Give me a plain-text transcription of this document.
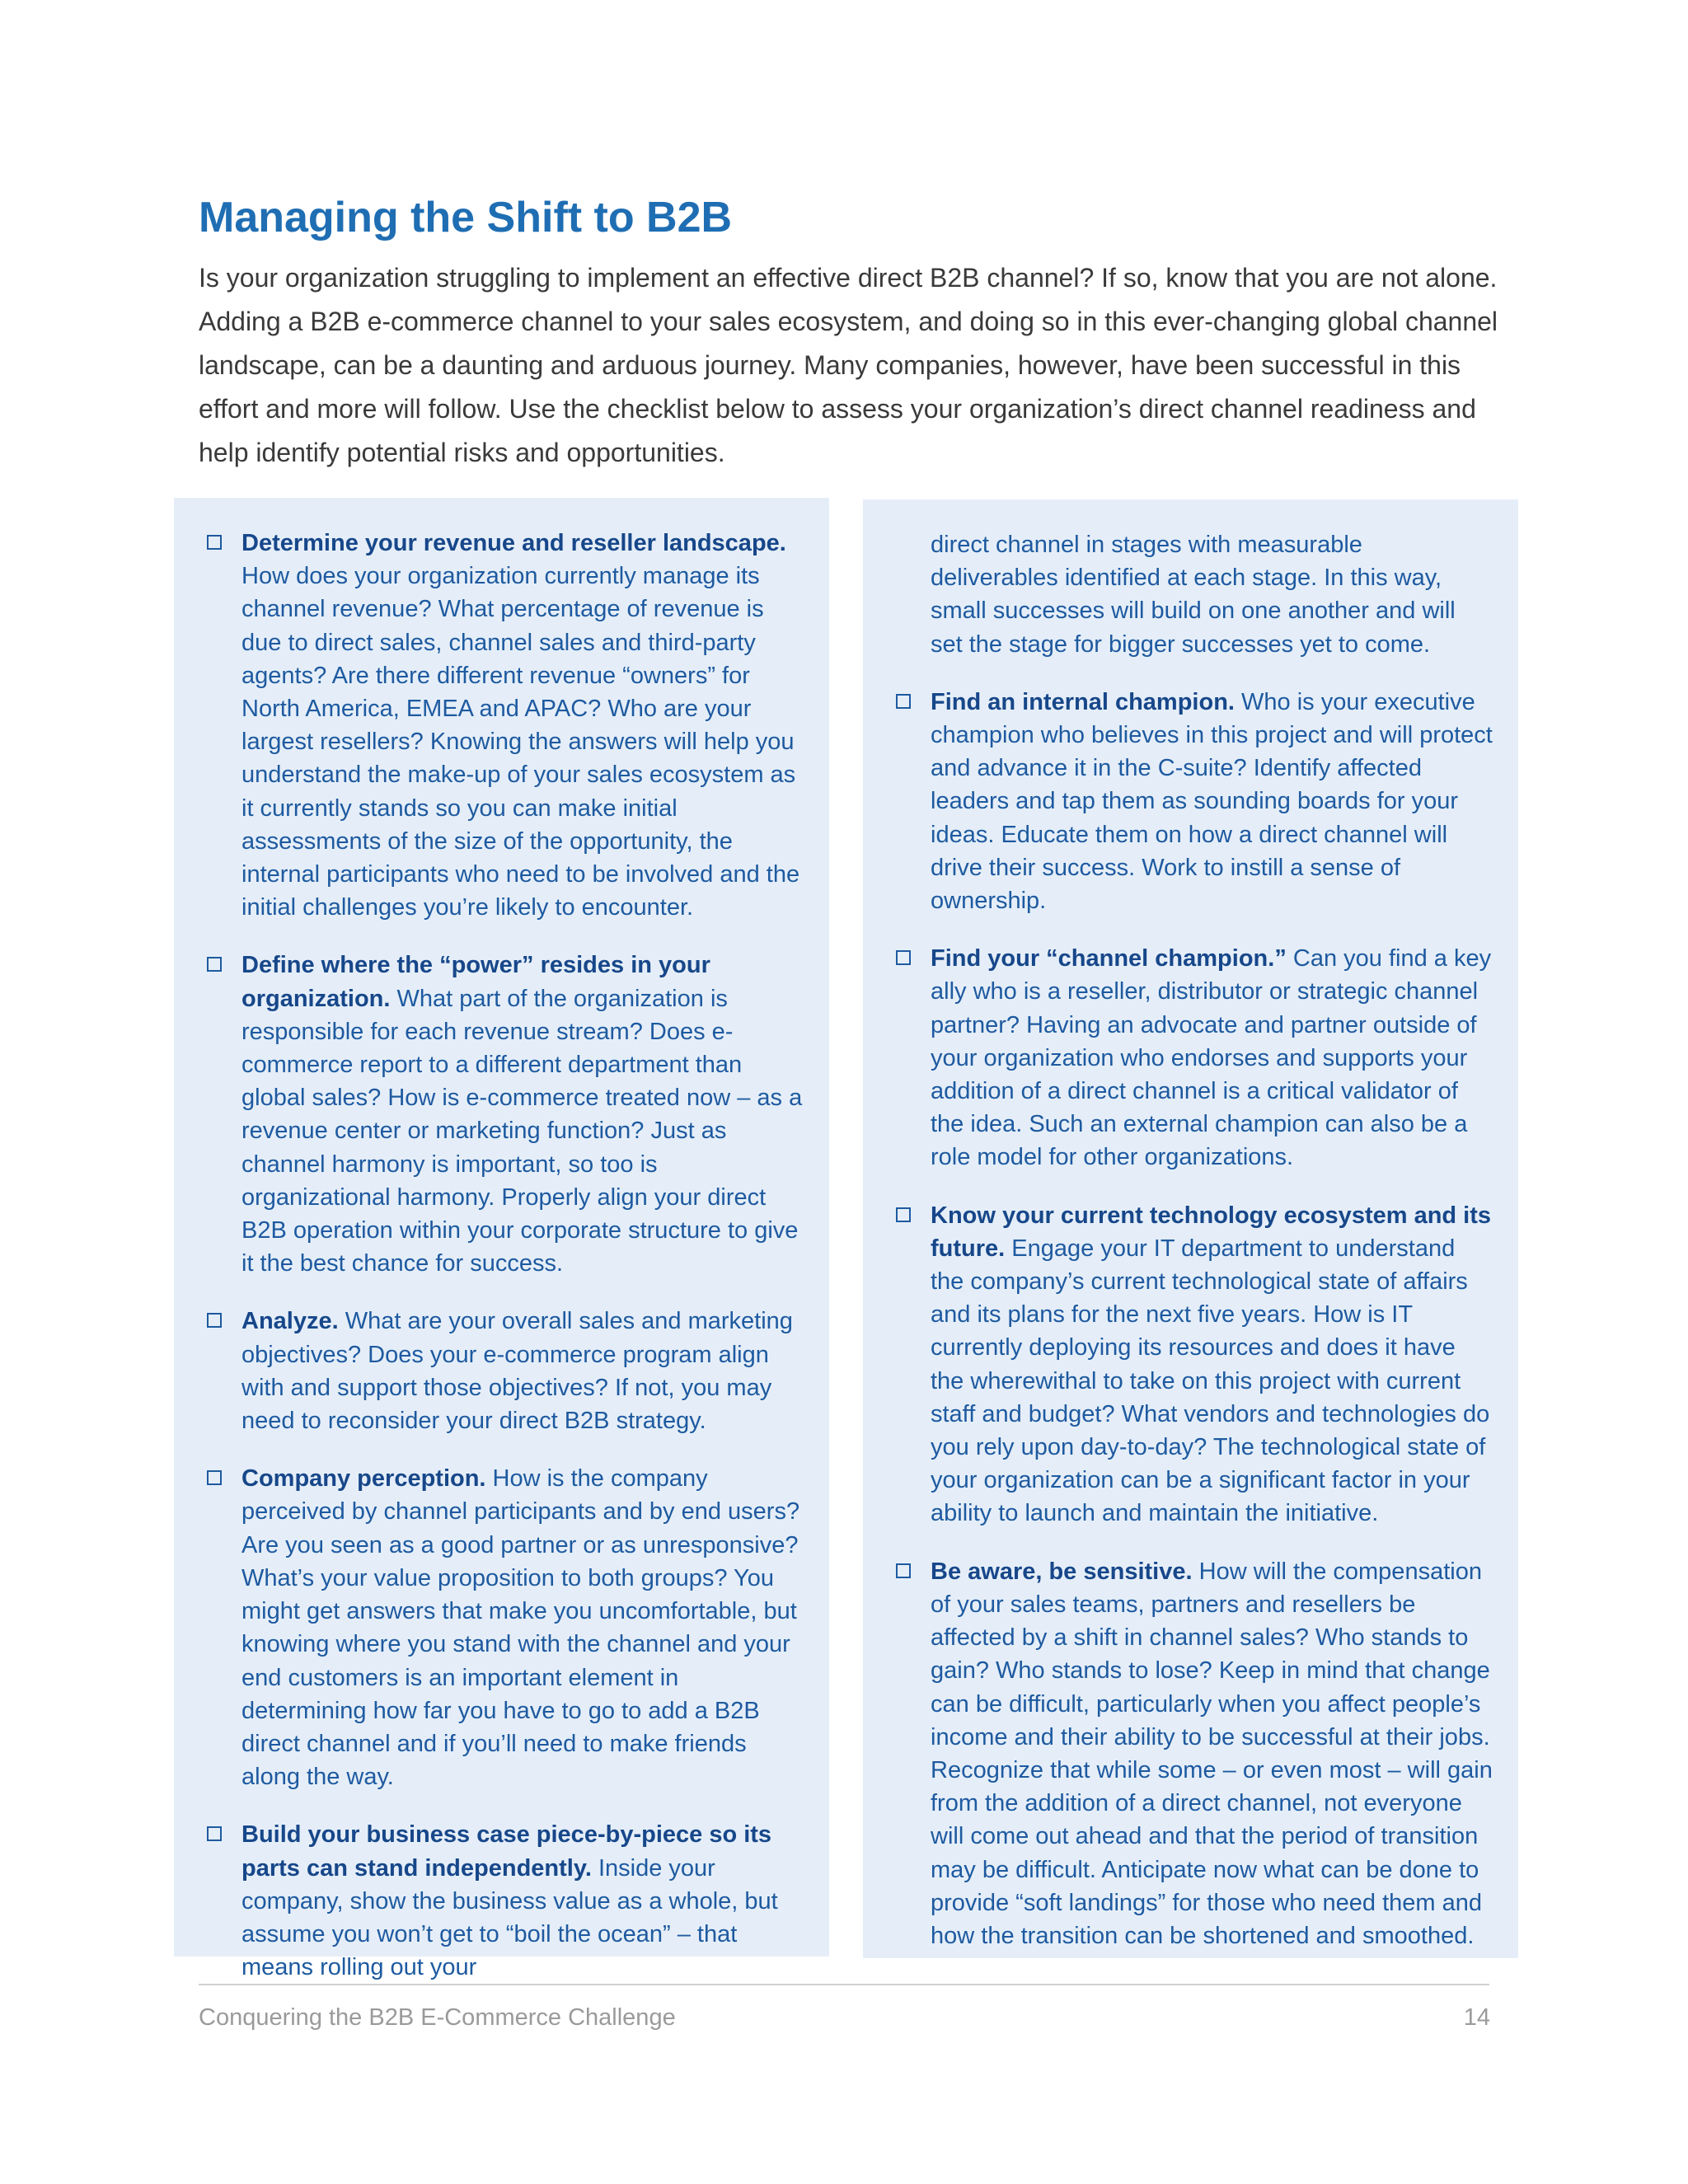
Managing the Shift to B2B

Is your organization struggling to implement an effective direct B2B channel? If so, know that you are not alone. Adding a B2B e-commerce channel to your sales ecosystem, and doing so in this ever-changing global channel landscape, can be a daunting and arduous journey. Many companies, however, have been successful in this effort and more will follow. Use the checklist below to assess your organization’s direct channel readiness and help identify potential risks and opportunities.

Determine your revenue and reseller landscape. How does your organization currently manage its channel revenue? What percentage of revenue is due to direct sales, channel sales and third-party agents? Are there different revenue “owners” for North America, EMEA and APAC? Who are your largest resellers? Knowing the answers will help you understand the make-up of your sales ecosystem as it currently stands so you can make initial assessments of the size of the opportunity, the internal participants who need to be involved and the initial challenges you’re likely to encounter.
Define where the “power” resides in your organization. What part of the organization is responsible for each revenue stream? Does e-commerce report to a different department than global sales? How is e-commerce treated now – as a revenue center or marketing function? Just as channel harmony is important, so too is organizational harmony. Properly align your direct B2B operation within your corporate structure to give it the best chance for success.
Analyze. What are your overall sales and marketing objectives? Does your e-commerce program align with and support those objectives? If not, you may need to reconsider your direct B2B strategy.
Company perception. How is the company perceived by channel participants and by end users? Are you seen as a good partner or as unresponsive? What’s your value proposition to both groups? You might get answers that make you uncomfortable, but knowing where you stand with the channel and your end customers is an important element in determining how far you have to go to add a B2B direct channel and if you’ll need to make friends along the way.
Build your business case piece-by-piece so its parts can stand independently. Inside your company, show the business value as a whole, but assume you won’t get to “boil the ocean” – that means rolling out your
direct channel in stages with measurable deliverables identified at each stage. In this way, small successes will build on one another and will set the stage for bigger successes yet to come.
Find an internal champion. Who is your executive champion who believes in this project and will protect and advance it in the C-suite? Identify affected leaders and tap them as sounding boards for your ideas. Educate them on how a direct channel will drive their success. Work to instill a sense of ownership.
Find your “channel champion.” Can you find a key ally who is a reseller, distributor or strategic channel partner? Having an advocate and partner outside of your organization who endorses and supports your addition of a direct channel is a critical validator of the idea. Such an external champion can also be a role model for other organizations.
Know your current technology ecosystem and its future. Engage your IT department to understand the company’s current technological state of affairs and its plans for the next five years. How is IT currently deploying its resources and does it have the wherewithal to take on this project with current staff and budget? What vendors and technologies do you rely upon day-to-day? The technological state of your organization can be a significant factor in your ability to launch and maintain the initiative.
Be aware, be sensitive. How will the compensation of your sales teams, partners and resellers be affected by a shift in channel sales? Who stands to gain? Who stands to lose? Keep in mind that change can be difficult, particularly when you affect people’s income and their ability to be successful at their jobs. Recognize that while some – or even most – will gain from the addition of a direct channel, not everyone will come out ahead and that the period of transition may be difficult. Anticipate now what can be done to provide “soft landings” for those who need them and how the transition can be shortened and smoothed.
Conquering the B2B E-Commerce Challenge	14
